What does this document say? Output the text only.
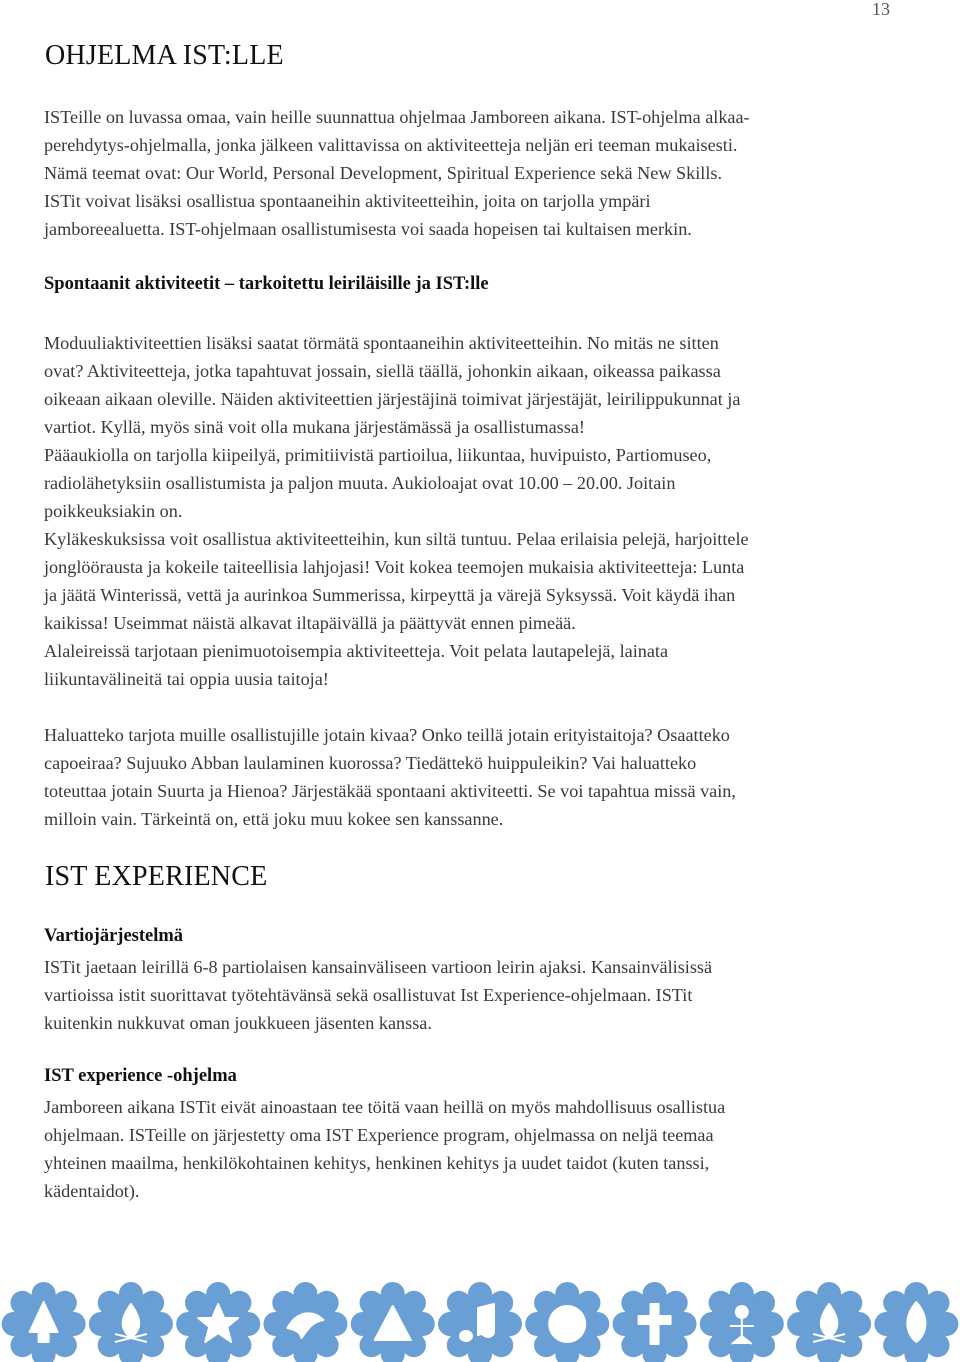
13
OHJELMA IST:LLE
ISTeille on luvassa omaa, vain heille suunnattua ohjelmaa Jamboreen aikana. IST-ohjelma alkaa-
perehdytys-ohjelmalla, jonka jälkeen valittavissa on aktiviteetteja neljän eri teeman mukaisesti.
Nämä teemat ovat: Our World, Personal Development, Spiritual Experience sekä New Skills.
ISTit voivat lisäksi osallistua spontaaneihin aktiviteetteihin, joita on tarjolla ympäri
jamboreealuetta. IST-ohjelmaan osallistumisesta voi saada hopeisen tai kultaisen merkin.
Spontaanit aktiviteetit – tarkoitettu leiriläisille ja IST:lle
Moduuliaktiviteettien lisäksi saatat törmätä spontaaneihin aktiviteetteihin. No mitäs ne sitten
ovat? Aktiviteetteja, jotka tapahtuvat jossain, siellä täällä, johonkin aikaan, oikeassa paikassa
oikeaan aikaan oleville. Näiden aktiviteettien järjestäjinä toimivat järjestäjät, leirilippukunnat ja
vartiot. Kyllä, myös sinä voit olla mukana järjestämässä ja osallistumassa!
Pääaukiolla on tarjolla kiipeilyä, primitiivistä partioilua, liikuntaa, huvipuisto, Partiomuseo,
radiolähetyksiin osallistumista ja paljon muuta. Aukioloajat ovat 10.00 – 20.00. Joitain
poikkeuksiakin on.
Kyläkeskuksissa voit osallistua aktiviteetteihin, kun siltä tuntuu. Pelaa erilaisia pelejä, harjoittele
jonglöörausta ja kokeile taiteellisia lahjojasi! Voit kokea teemojen mukaisia aktiviteetteja: Lunta
ja jäätä Winterissä, vettä ja aurinkoa Summerissa, kirpeyttä ja värejä Syksyssä. Voit käydä ihan
kaikissa! Useimmat näistä alkavat iltapäivällä ja päättyvät ennen pimeää.
Alaleireissä tarjotaan pienimuotoisempia aktiviteetteja. Voit pelata lautapelejä, lainata
liikuntavälineitä tai oppia uusia taitoja!
Haluatteko tarjota muille osallistujille jotain kivaa? Onko teillä jotain erityistaitoja? Osaatteko
capoeiraa? Sujuuko Abban laulaminen kuorossa? Tiedättekö huippuleikin? Vai haluatteko
toteuttaa jotain Suurta ja Hienoa? Järjestäkää spontaani aktiviteetti. Se voi tapahtua missä vain,
milloin vain. Tärkeintä on, että joku muu kokee sen kanssanne.
IST EXPERIENCE
Vartiojärjestelmä
ISTit jaetaan leirillä 6-8 partiolaisen kansainväliseen vartioon leirin ajaksi. Kansainvälisissä
vartioissa istit suorittavat työtehtävänsä sekä osallistuvat Ist Experience-ohjelmaan. ISTit
kuitenkin nukkuvat oman joukkueen jäsenten kanssa.
IST experience -ohjelma
Jamboreen aikana ISTit eivät ainoastaan tee töitä vaan heillä on myös mahdollisuus osallistua
ohjelmaan. ISTeille on järjestetty oma IST Experience program, ohjelmassa on neljä teemaa
yhteinen maailma, henkilökohtainen kehitys, henkinen kehitys ja uudet taidot (kuten tanssi,
kädentaidot).
